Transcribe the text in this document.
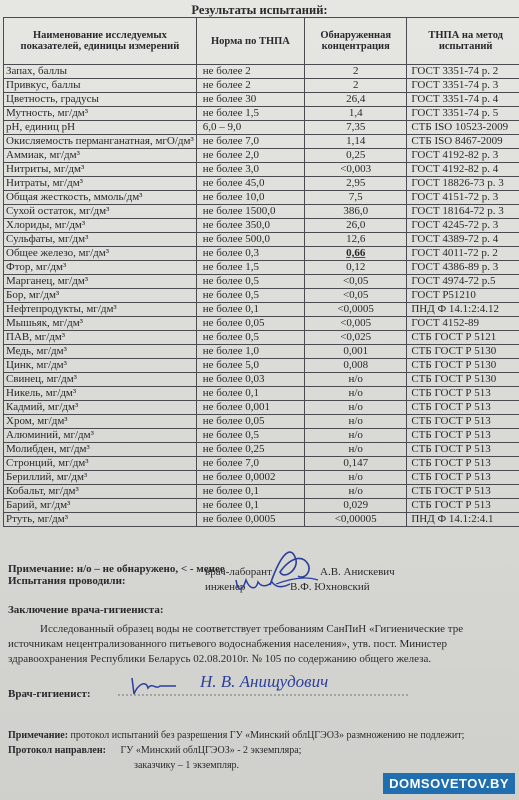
Результаты испытаний:
Наименование исследуемых показателей, единицы измерений	Норма по ТНПА	Обнаруженная концентрация	ТНПА на метод испытаний
Запах, баллы	не более 2	2	ГОСТ 3351-74 р. 2
Привкус, баллы	не более 2	2	ГОСТ 3351-74 р. 3
Цветность, градусы	не более 30	26,4	ГОСТ 3351-74 р. 4
Мутность, мг/дм³	не более 1,5	1,4	ГОСТ 3351-74 р. 5
рН, единиц рН	6,0 – 9,0	7,35	СТБ ISO 10523-2009
Окисляемость перманганатная, мгО/дм³	не более 7,0	1,14	СТБ ISO 8467-2009
Аммиак, мг/дм³	не более 2,0	0,25	ГОСТ 4192-82 р. 3
Нитриты, мг/дм³	не более 3,0	<0,003	ГОСТ 4192-82 р. 4
Нитраты, мг/дм³	не более 45,0	2,95	ГОСТ 18826-73 р. 3
Общая жесткость, ммоль/дм³	не более 10,0	7,5	ГОСТ 4151-72 р. 3
Сухой остаток, мг/дм³	не более 1500,0	386,0	ГОСТ 18164-72 р. 3
Хлориды, мг/дм³	не более 350,0	26,0	ГОСТ 4245-72 р. 3
Сульфаты, мг/дм³	не более 500,0	12,6	ГОСТ 4389-72 р. 4
Общее железо, мг/дм³	не более 0,3	0,66	ГОСТ 4011-72 р. 2
Фтор, мг/дм³	не более 1,5	0,12	ГОСТ 4386-89 р. 3
Марганец, мг/дм³	не более 0,5	<0,05	ГОСТ 4974-72 р.5
Бор, мг/дм³	не более 0,5	<0,05	ГОСТ Р51210
Нефтепродукты, мг/дм³	не более 0,1	<0,0005	ПНД Ф 14.1:2:4.12
Мышьяк, мг/дм³	не более 0,05	<0,005	ГОСТ 4152-89
ПАВ, мг/дм³	не более 0,5	<0,025	СТБ ГОСТ Р 5121
Медь, мг/дм³	не более 1,0	0,001	СТБ ГОСТ Р 5130
Цинк, мг/дм³	не более 5,0	0,008	СТБ ГОСТ Р 5130
Свинец, мг/дм³	не более 0,03	н/о	СТБ ГОСТ Р 5130
Никель, мг/дм³	не более 0,1	н/о	СТБ ГОСТ Р 513
Кадмий, мг/дм³	не более 0,001	н/о	СТБ ГОСТ Р 513
Хром, мг/дм³	не более 0,05	н/о	СТБ ГОСТ Р 513
Алюминий, мг/дм³	не более 0,5	н/о	СТБ ГОСТ Р 513
Молибден, мг/дм³	не более 0,25	н/о	СТБ ГОСТ Р 513
Стронций, мг/дм³	не более 7,0	0,147	СТБ ГОСТ Р 513
Бериллий, мг/дм³	не более 0,0002	н/о	СТБ ГОСТ Р 513
Кобальт, мг/дм³	не более 0,1	н/о	СТБ ГОСТ Р 513
Барий, мг/дм³	не более 0,1	0,029	СТБ ГОСТ Р 513
Ртуть, мг/дм³	не более 0,0005	<0,00005	ПНД Ф 14.1:2:4.1
Примечание: н/о – не обнаружено, < - менее
Испытания проводили:
врач-лаборант	А.В. Анискевич
инженер	В.Ф. Юхновский
Заключение врача-гигиениста:
Исследованный образец воды не соответствует требованиям СанПиН «Гигиенические тре источникам нецентрализованного питьевого водоснабжения населения», утв. пост. Министер здравоохранения Республики Беларусь 02.08.2010г. № 105 по содержанию общего железа.
Врач-гигиенист:
Н. В. Анищудович
Примечание: протокол испытаний без разрешения ГУ «Минский облЦГЭОЗ» размножению не подлежит;
Протокол направлен: ГУ «Минский облЦГЭОЗ» - 2 экземпляра;
заказчику – 1 экземпляр.
DOMSOVETOV.BY
